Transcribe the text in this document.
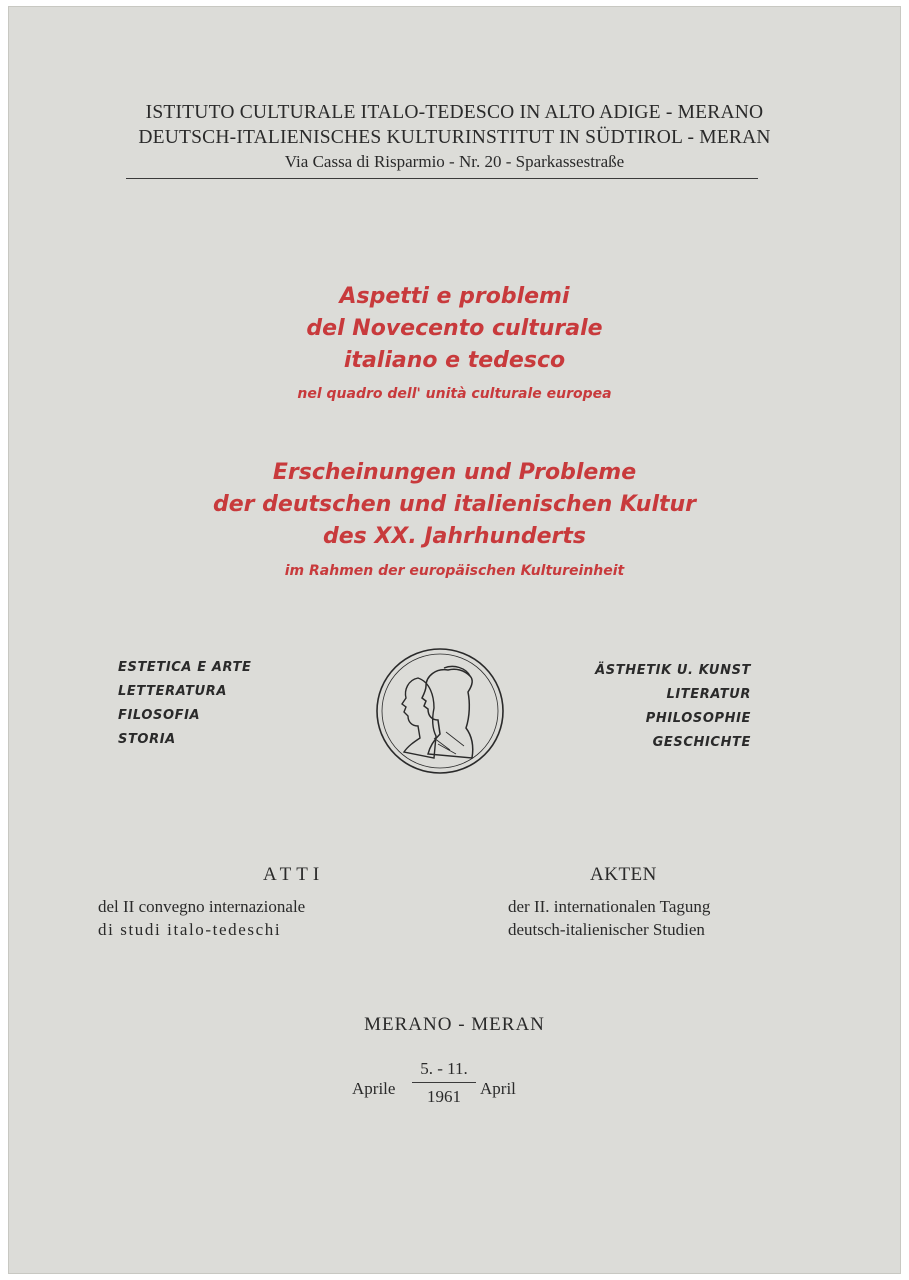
ISTITUTO CULTURALE ITALO-TEDESCO IN ALTO ADIGE - MERANO
DEUTSCH-ITALIENISCHES KULTURINSTITUT IN SÜDTIROL - MERAN
Via Cassa di Risparmio - Nr. 20 - Sparkassestraße
Aspetti e problemi
del Novecento culturale
italiano e tedesco
nel quadro dell' unità culturale europea
Erscheinungen und Probleme
der deutschen und italienischen Kultur
des XX. Jahrhunderts
im Rahmen der europäischen Kultureinheit
ESTETICA E ARTE
LETTERATURA
FILOSOFIA
STORIA
ÄSTHETIK U. KUNST
LITERATUR
PHILOSOPHIE
GESCHICHTE
ATTI
del II convegno internazionale
di studi italo-tedeschi
AKTEN
der II. internationalen Tagung
deutsch-italienischer Studien
MERANO - MERAN
Aprile
5. - 11.
1961	April
